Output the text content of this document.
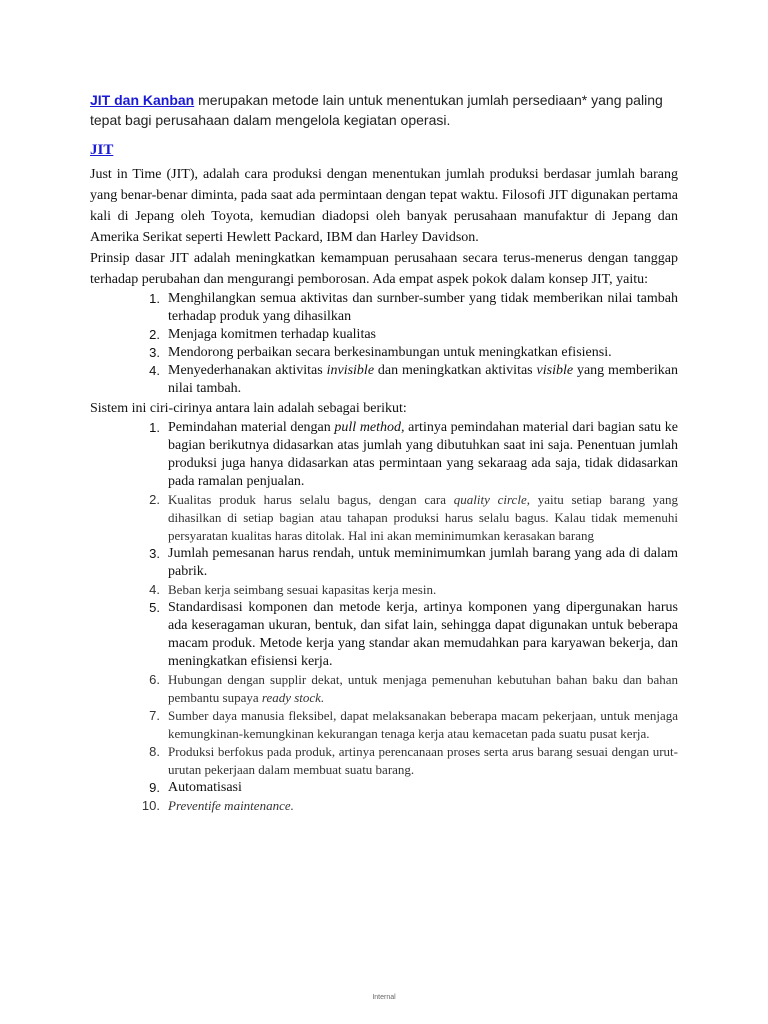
JIT dan Kanban merupakan metode lain untuk menentukan jumlah persediaan* yang paling tepat bagi perusahaan dalam mengelola kegiatan operasi.
JIT

Just in Time (JIT), adalah cara produksi dengan menentukan jumlah produksi berdasar jumlah barang yang benar-benar diminta, pada saat ada permintaan dengan tepat waktu. Filosofi JIT digunakan pertama kali di Jepang oleh Toyota, kemudian diadopsi oleh banyak perusahaan manufaktur di Jepang dan Amerika Serikat seperti Hewlett Packard, IBM dan Harley Davidson.

Prinsip dasar JIT adalah meningkatkan kemampuan perusahaan secara terus-menerus dengan tanggap terhadap perubahan dan mengurangi pemborosan. Ada empat aspek pokok dalam konsep JIT, yaitu:

1. Menghilangkan semua aktivitas dan surnber-sumber yang tidak memberikan nilai tambah terhadap produk yang dihasilkan
2. Menjaga komitmen terhadap kualitas
3. Mendorong perbaikan secara berkesinambungan untuk meningkatkan efisiensi.
4. Menyederhanakan aktivitas invisible dan meningkatkan aktivitas visible yang memberikan nilai tambah.

Sistem ini ciri-cirinya antara lain adalah sebagai berikut:

1. Pemindahan material dengan pull method, artinya pemindahan material dari bagian satu ke bagian berikutnya didasarkan atas jumlah yang dibutuhkan saat ini saja. Penentuan jumlah produksi juga hanya didasarkan atas permintaan yang sekaraag ada saja, tidak didasarkan pada ramalan penjualan.
2. Kualitas produk harus selalu bagus, dengan cara quality circle, yaitu setiap barang yang dihasilkan di setiap bagian atau tahapan produksi harus selalu bagus. Kalau tidak memenuhi persyaratan kualitas haras ditolak. Hal ini akan meminimumkan kerasakan barang
3. Jumlah pemesanan harus rendah, untuk meminimumkan jumlah barang yang ada di dalam pabrik.
4. Beban kerja seimbang sesuai kapasitas kerja mesin.
5. Standardisasi komponen dan metode kerja, artinya komponen yang dipergunakan harus ada keseragaman ukuran, bentuk, dan sifat lain, sehingga dapat digunakan untuk beberapa macam produk. Metode kerja yang standar akan memudahkan para karyawan bekerja, dan meningkatkan efisiensi kerja.
6. Hubungan dengan supplir dekat, untuk menjaga pemenuhan kebutuhan bahan baku dan bahan pembantu supaya ready stock.
7. Sumber daya manusia fleksibel, dapat melaksanakan beberapa macam pekerjaan, untuk menjaga kemungkinan-kemungkinan kekurangan tenaga kerja atau kemacetan pada suatu pusat kerja.
8. Produksi berfokus pada produk, artinya perencanaan proses serta arus barang sesuai dengan urut-urutan pekerjaan dalam membuat suatu barang.
9. Automatisasi
10. Preventife maintenance.
Internal
